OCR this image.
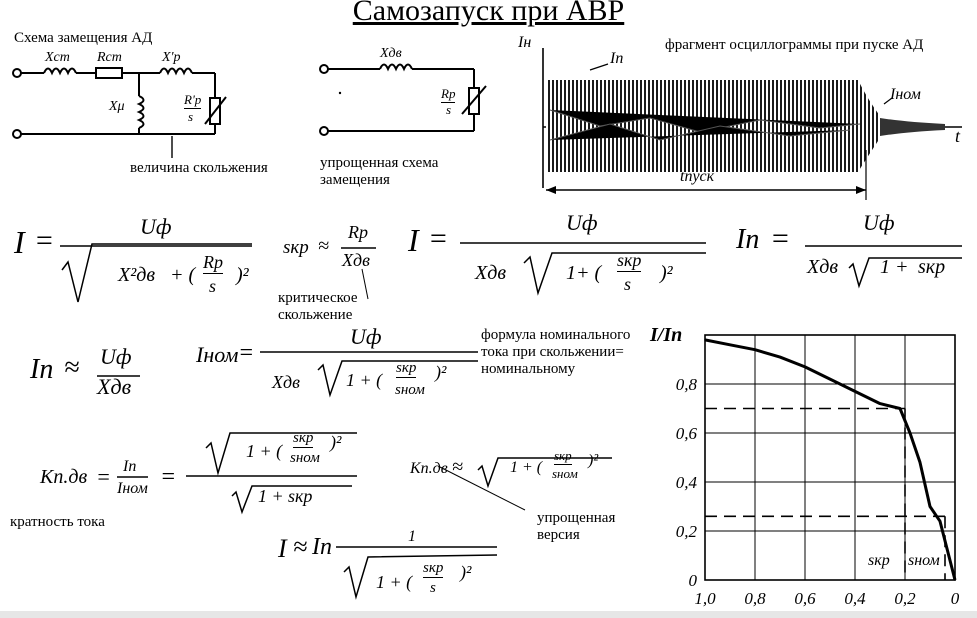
Самозапуск при АВР
Схема замещения АД
Xст Rст	X'р
Xμ	R'р
s
величина скольжения
Xдв
Rр
s
упрощенная схема замещения
фрагмент осциллограммы при пуске АД
Iн
t
Iп
Iном
tпуск
I =	Uф
X²дв + (
Rр
s )²
sкр ≈
Rр
Xдв
критическое скольжение
I =	Uф
Xдв	1+ (
sкр
s )²
Iп =	Uф
Xдв 1 + sкр
Iп ≈ Uф
Xдв
Iном =
Uф
Xдв	1 + (
sкр
sном
)²
формула номинального тока при скольжении= номинальному
Kп.дв = Iп
Iном =
1 + (
sкр
sном
)²
1 + sкр
кратность тока
Kп.дв ≈	1 + (
sкр
sном
)²
упрощенная версия
I ≈ Iп	1
1 + (
sкр
s
)²
1,0 0,8 0,6 0,4 0,2 0
0
0,2
0,4
0,6
0,8
I/Iп
sкр sном
